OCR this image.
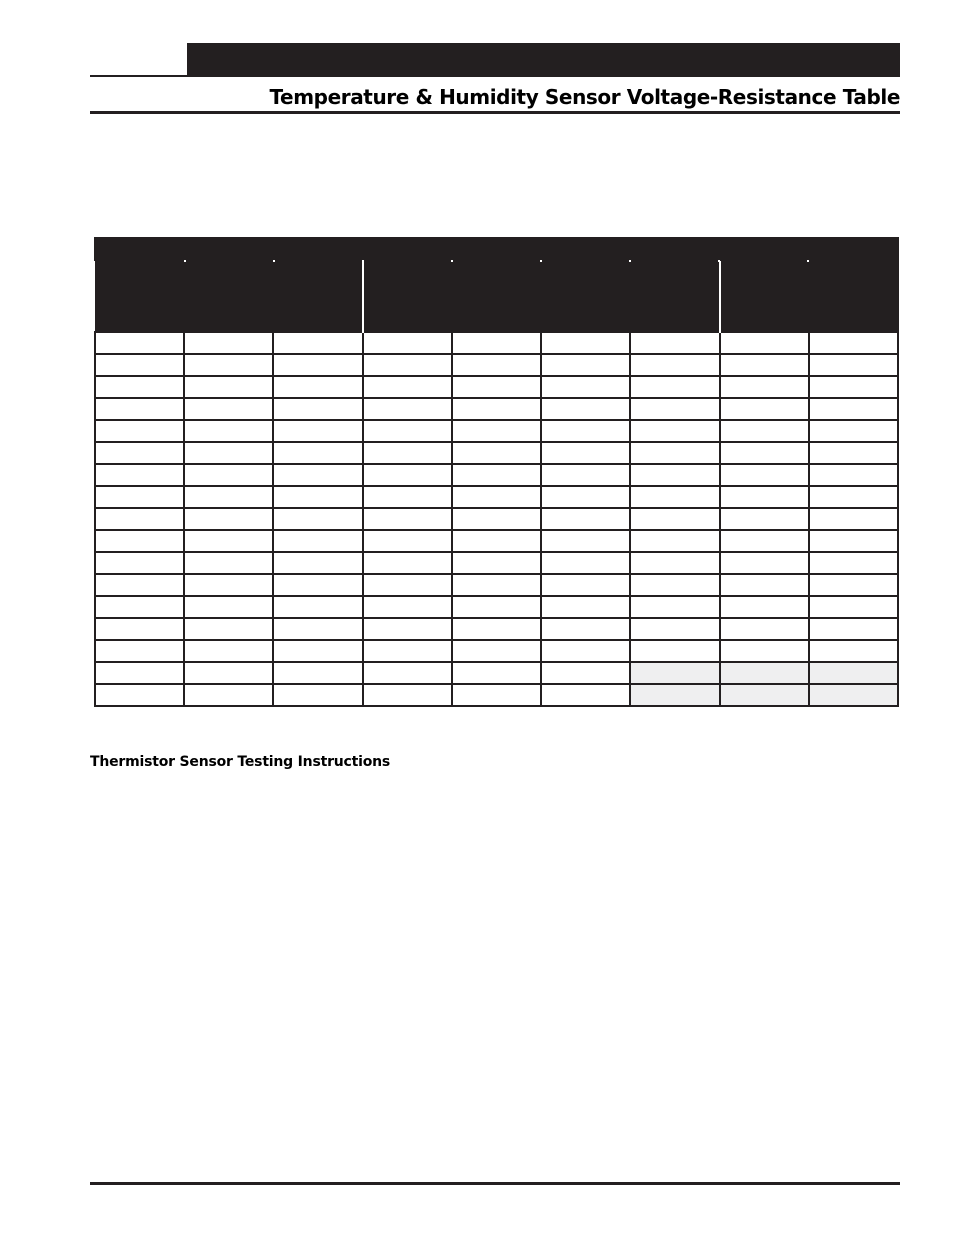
Temperature & Humidity Sensor Voltage-Resistance Table

Thermistor Sensor Testing Instructions
